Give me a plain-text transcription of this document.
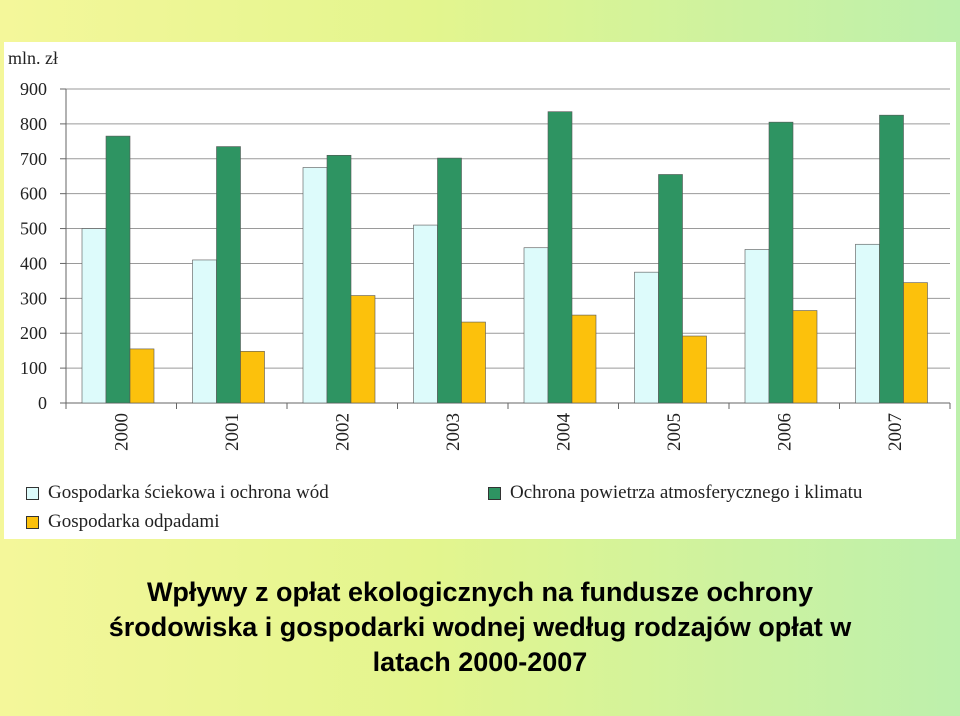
0
100
200
300
400
500
600
700
800
900
mln. zł
2000	2001	2002	2003	2004	2005	2006	2007
Gospodarka ściekowa i ochrona wód	Ochrona powietrza atmosferycznego i klimatu
Gospodarka odpadami
Wpływy z opłat ekologicznych na fundusze ochrony
środowiska i gospodarki wodnej według rodzajów opłat w
latach 2000-2007
